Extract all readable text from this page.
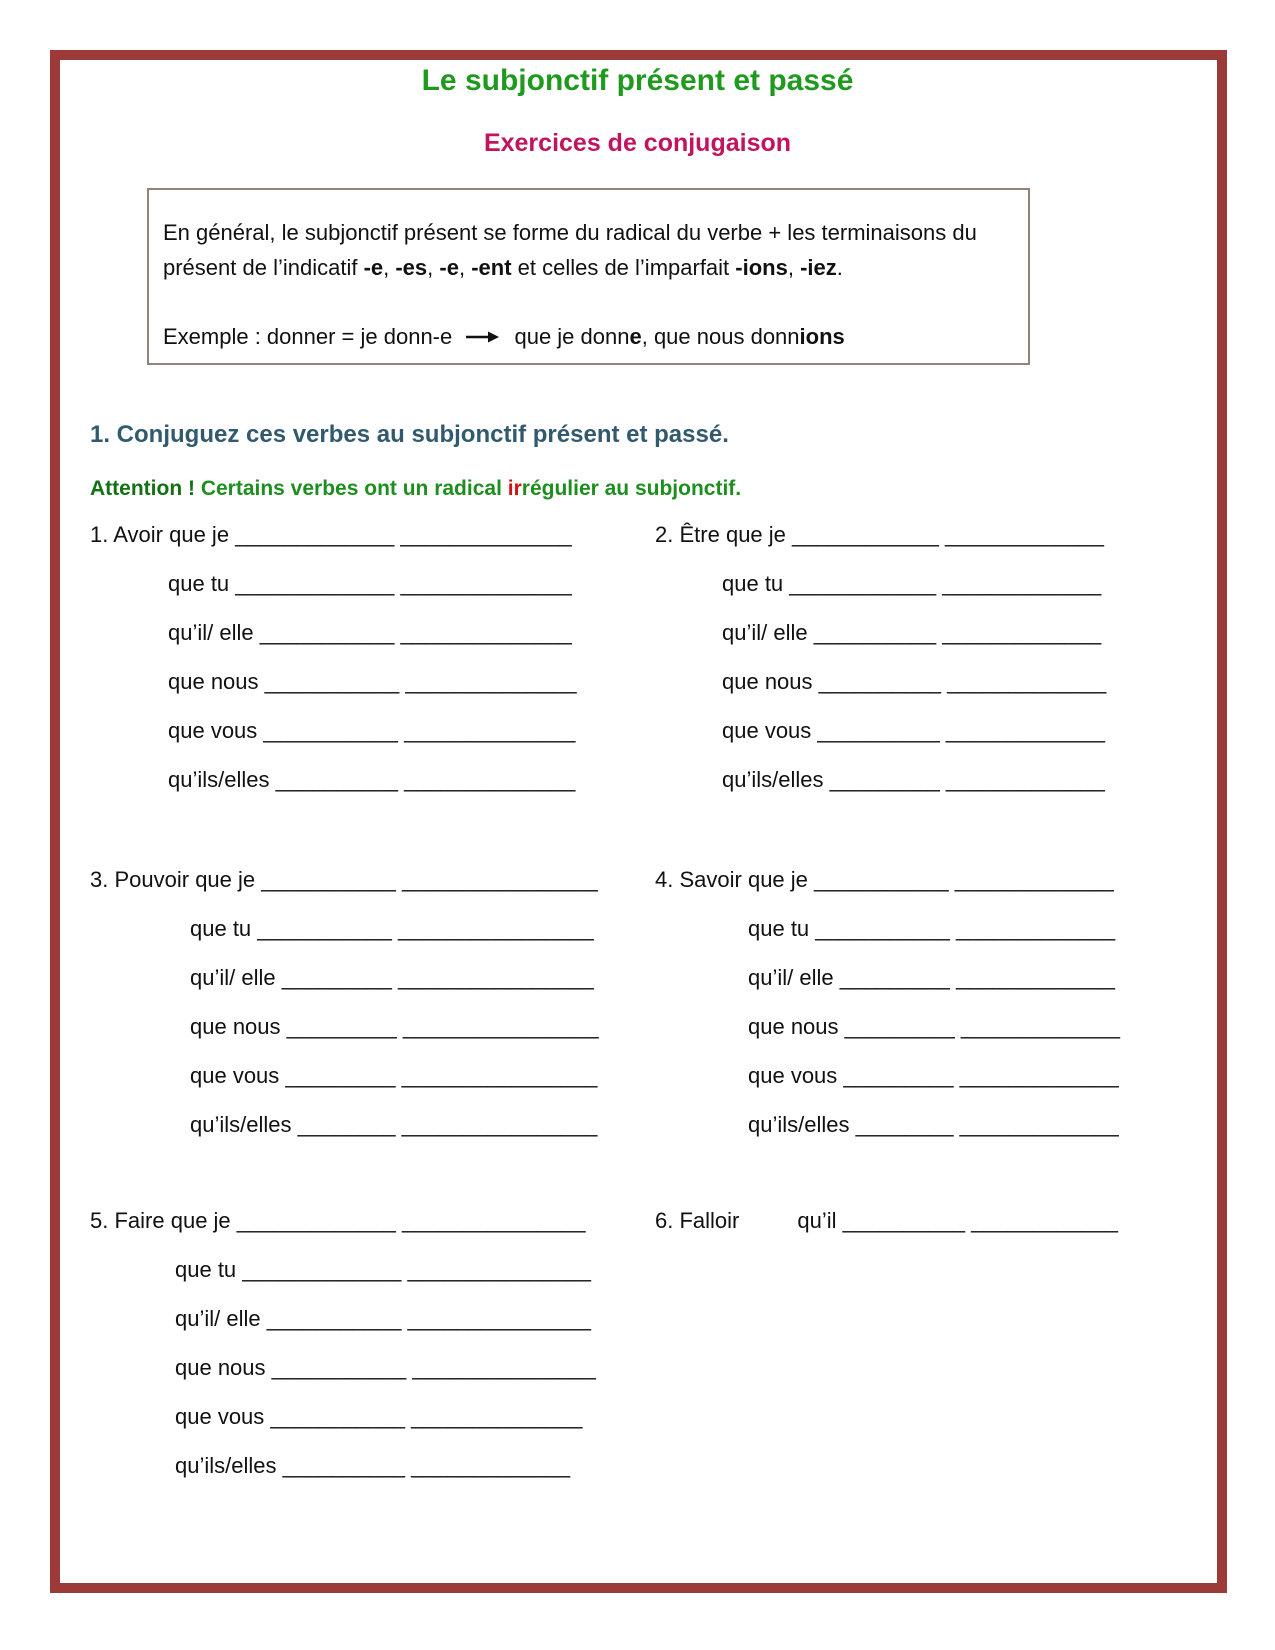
Le subjonctif présent et passé
Exercices de conjugaison
En général, le subjonctif présent se forme du radical du verbe + les terminaisons du
présent de l’indicatif -e, -es, -e, -ent et celles de l’imparfait -ions, -iez.
Exemple : donner = je donn-e  que je donne, que nous donnions
1. Conjuguez ces verbes au subjonctif présent et passé.
Attention ! Certains verbes ont un radical irrégulier au subjonctif.
1. Avoir que je _____________ ______________
que tu _____________ ______________
qu’il/ elle ___________ ______________
que nous ___________ ______________
que vous ___________ ______________
qu’ils/elles __________ ______________
2. Être que je ____________ _____________
que tu ____________ _____________
qu’il/ elle __________ _____________
que nous __________ _____________
que vous __________ _____________
qu’ils/elles _________ _____________
3. Pouvoir que je ___________ ________________
que tu ___________ ________________
qu’il/ elle _________ ________________
que nous _________ ________________
que vous _________ ________________
qu’ils/elles ________ ________________
4. Savoir que je ___________ _____________
que tu ___________ _____________
qu’il/ elle _________ _____________
que nous _________ _____________
que vous _________ _____________
qu’ils/elles ________ _____________
5. Faire que je _____________ _______________
que tu _____________ _______________
qu’il/ elle ___________ _______________
que nous ___________ _______________
que vous ___________ ______________
qu’ils/elles __________ _____________
6. Falloir	qu’il __________ ____________
